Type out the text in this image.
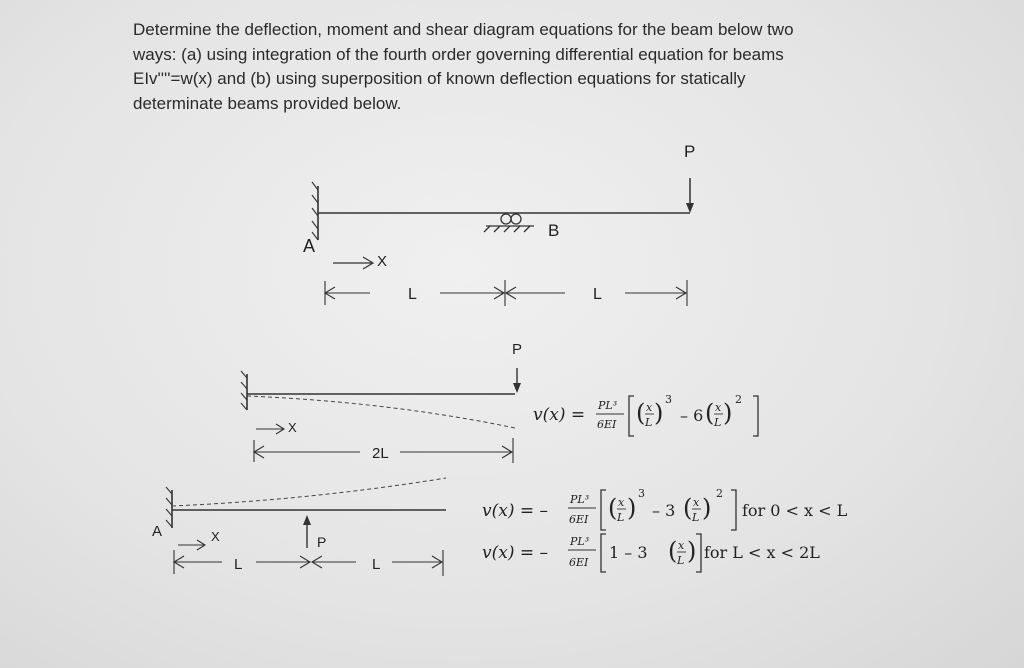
Determine the deflection, moment and shear diagram equations for the beam below two
ways: (a) using integration of the fourth order governing differential equation for beams
EIv''''=w(x) and (b) using superposition of known deflection equations for statically
determinate beams provided below.
B
A
P
X
L	L
P
X
2L
v(x) = PL³
6EI ( x
L ) 3
– 6 ( x
L ) 2
A	X	P
L	L
v(x) = –
PL³
6EI ( x
L )
3
– 3 ( x
L )
2
for 0 < x < L
v(x) = –
PL³
6EI
1 – 3 ( x
L ) for L < x < 2L
